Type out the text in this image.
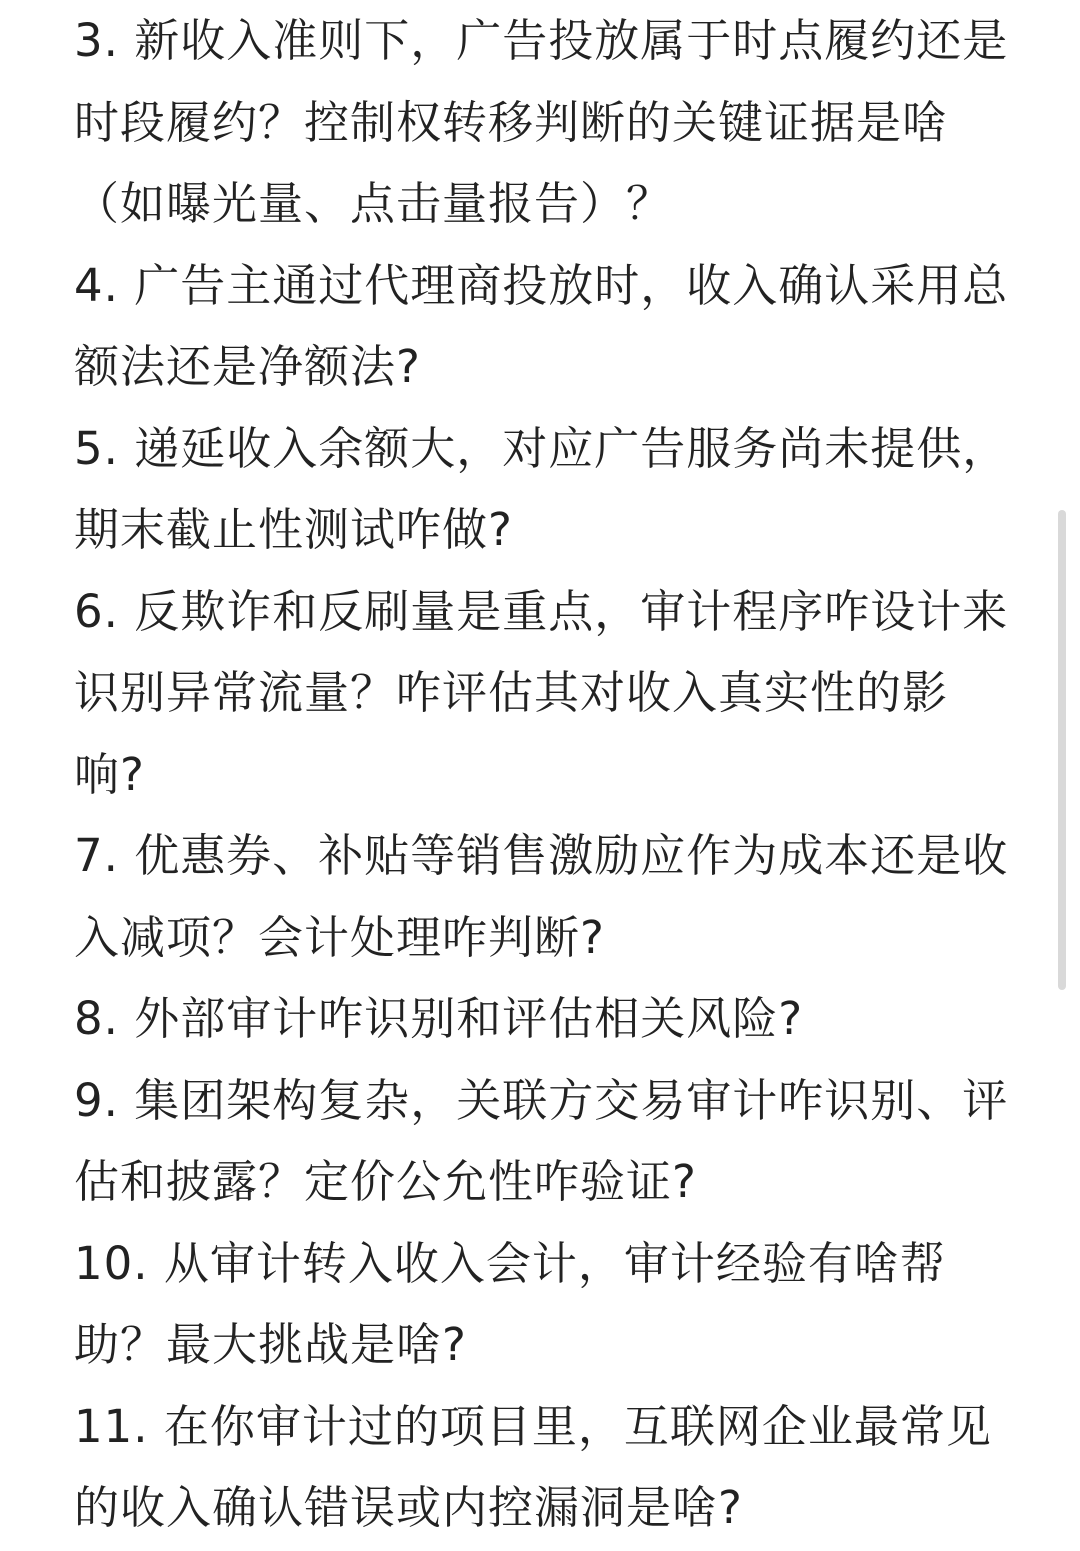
3. 新收入准则下，广告投放属于时点履约还是时段履约？控制权转移判断的关键证据是啥（如曝光量、点击量报告）？

4. 广告主通过代理商投放时，收入确认采用总额法还是净额法?

5. 递延收入余额大，对应广告服务尚未提供，期末截止性测试咋做?

6. 反欺诈和反刷量是重点，审计程序咋设计来识别异常流量？咋评估其对收入真实性的影响?

7. 优惠券、补贴等销售激励应作为成本还是收入减项？会计处理咋判断?

8. 外部审计咋识别和评估相关风险?

9. 集团架构复杂，关联方交易审计咋识别、评估和披露？定价公允性咋验证?

10. 从审计转入收入会计，审计经验有啥帮助？最大挑战是啥?

11. 在你审计过的项目里，互联网企业最常见的收入确认错误或内控漏洞是啥?
